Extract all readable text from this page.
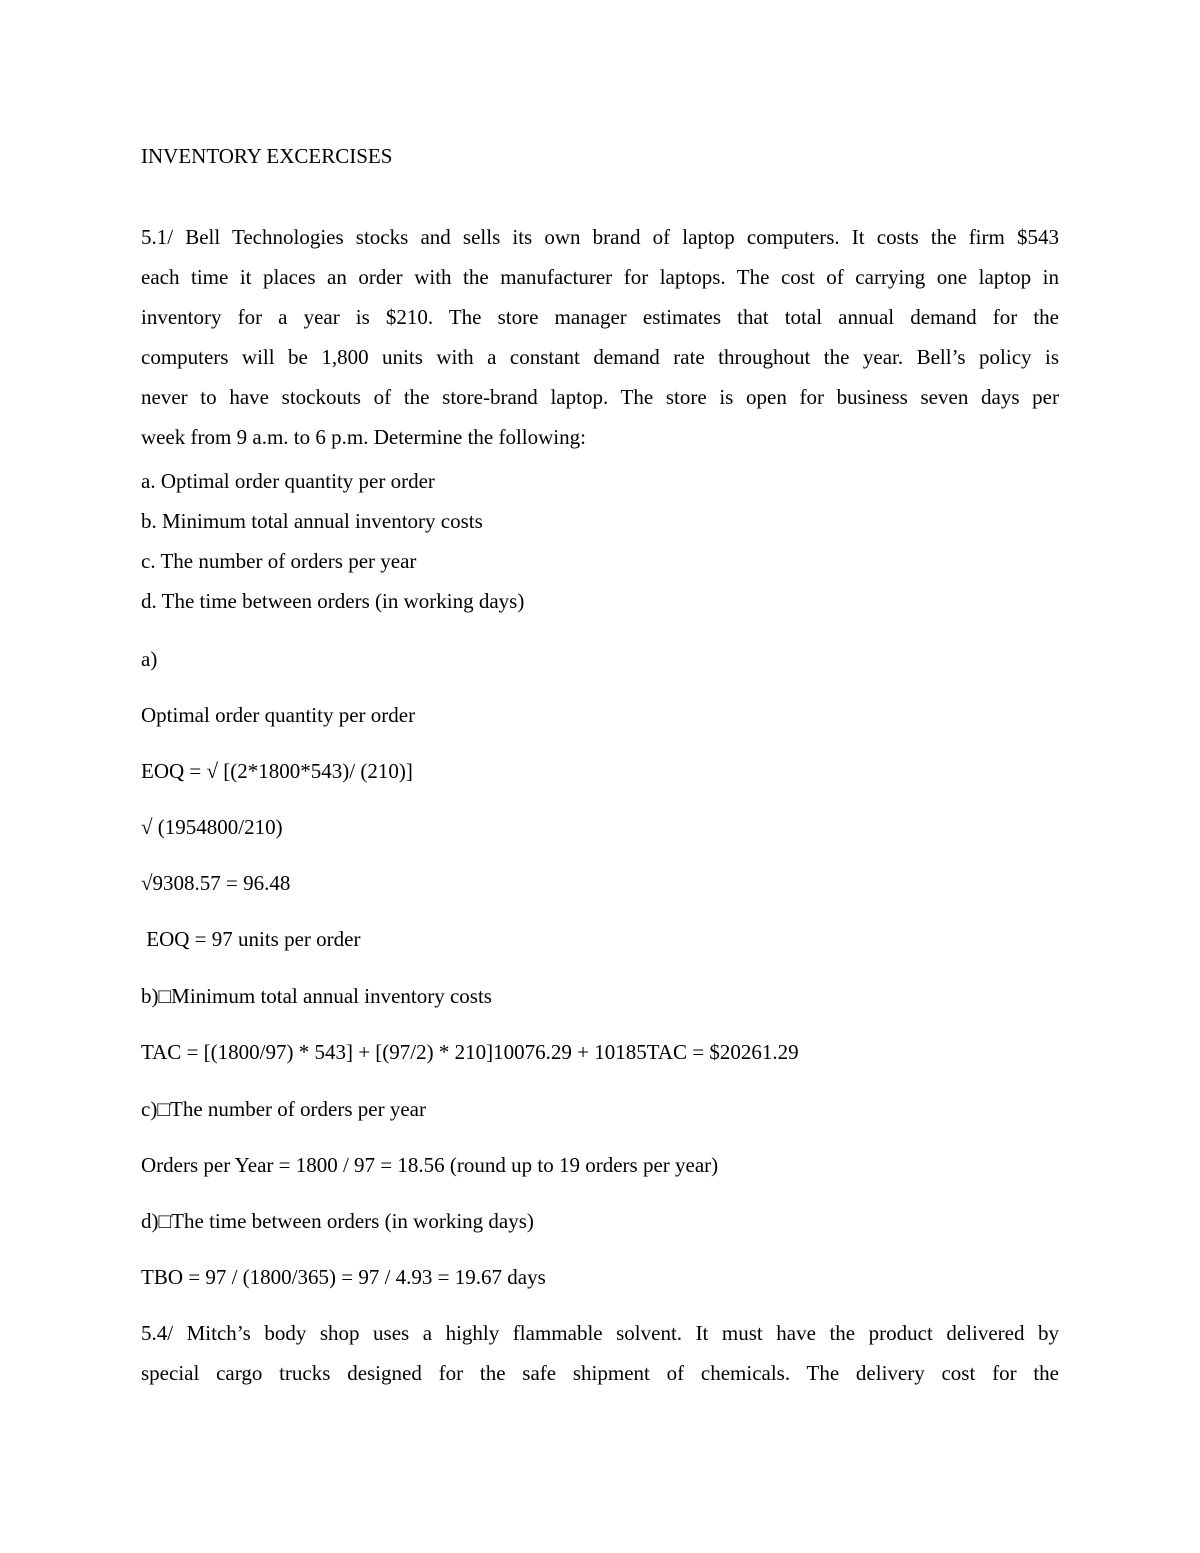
INVENTORY EXCERCISES
5.1/ Bell Technologies stocks and sells its own brand of laptop computers. It costs the firm $543
each time it places an order with the manufacturer for laptops. The cost of carrying one laptop in
inventory for a year is $210. The store manager estimates that total annual demand for the
computers will be 1,800 units with a constant demand rate throughout the year. Bell’s policy is
never to have stockouts of the store-brand laptop. The store is open for business seven days per
week from 9 a.m. to 6 p.m. Determine the following:
a. Optimal order quantity per order
b. Minimum total annual inventory costs
c. The number of orders per year
d. The time between orders (in working days)
a)
Optimal order quantity per order
EOQ = √ [(2*1800*543)/ (210)]
√ (1954800/210)
√9308.57 = 96.48
EOQ = 97 units per order
b)□Minimum total annual inventory costs
TAC = [(1800/97) * 543] + [(97/2) * 210]10076.29 + 10185TAC = $20261.29
c)□The number of orders per year
Orders per Year = 1800 / 97 = 18.56 (round up to 19 orders per year)
d)□The time between orders (in working days)
TBO = 97 / (1800/365) = 97 / 4.93 = 19.67 days
5.4/ Mitch’s body shop uses a highly flammable solvent. It must have the product delivered by
special cargo trucks designed for the safe shipment of chemicals. The delivery cost for the
